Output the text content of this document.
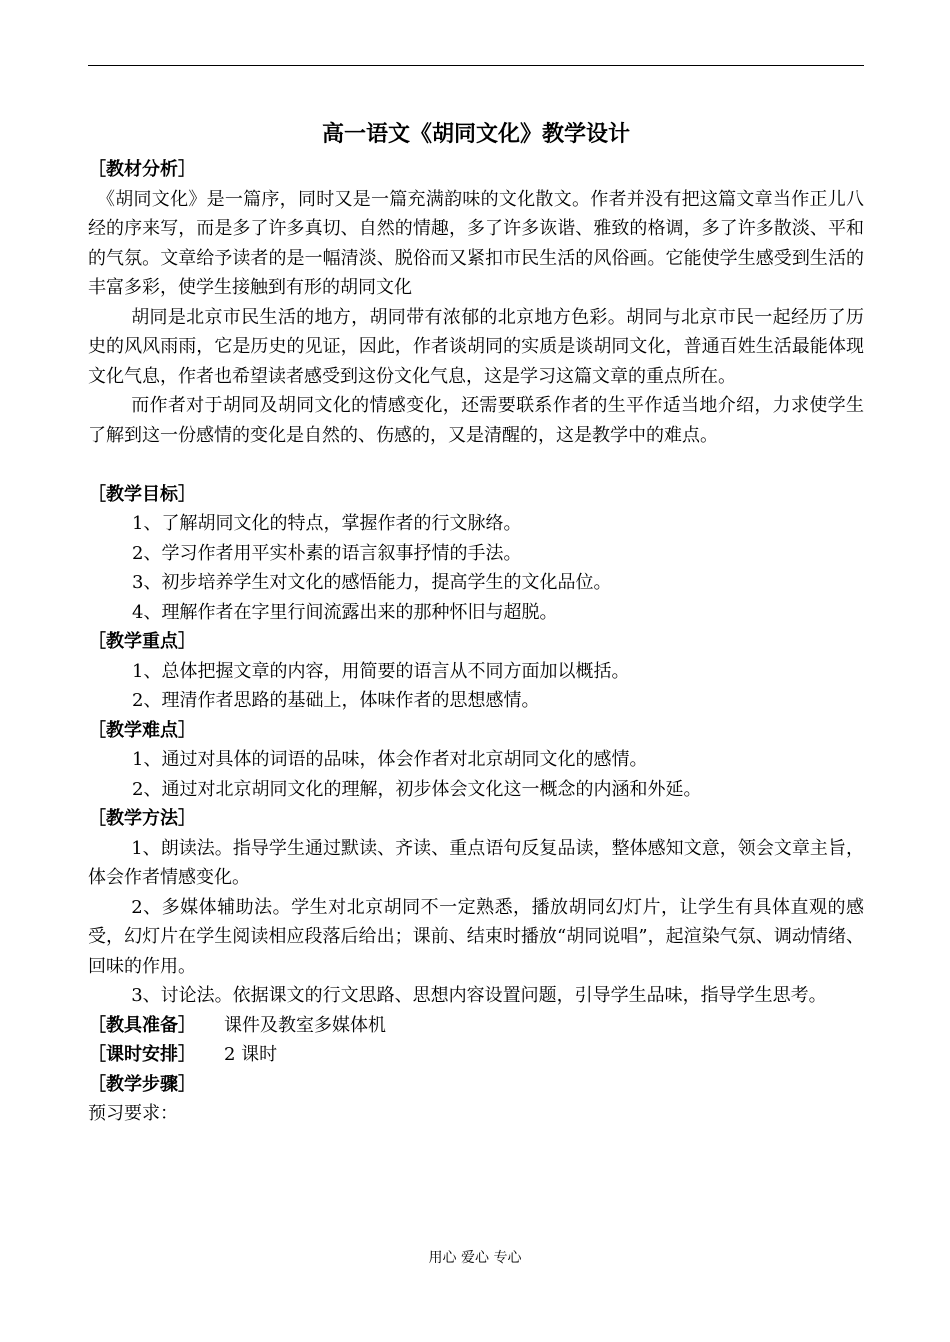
高一语文《胡同文化》教学设计
［教材分析］

《胡同文化》是一篇序，同时又是一篇充满韵味的文化散文。作者并没有把这篇文章当作正儿八经的序来写，而是多了许多真切、自然的情趣，多了许多诙谐、雅致的格调，多了许多散淡、平和的气氛。文章给予读者的是一幅清淡、脱俗而又紧扣市民生活的风俗画。它能使学生感受到生活的丰富多彩，使学生接触到有形的胡同文化

胡同是北京市民生活的地方，胡同带有浓郁的北京地方色彩。胡同与北京市民一起经历了历史的风风雨雨，它是历史的见证，因此，作者谈胡同的实质是谈胡同文化，普通百姓生活最能体现文化气息，作者也希望读者感受到这份文化气息，这是学习这篇文章的重点所在。

而作者对于胡同及胡同文化的情感变化，还需要联系作者的生平作适当地介绍，力求使学生了解到这一份感情的变化是自然的、伤感的，又是清醒的，这是教学中的难点。

［教学目标］
1、了解胡同文化的特点，掌握作者的行文脉络。
2、学习作者用平实朴素的语言叙事抒情的手法。
3、初步培养学生对文化的感悟能力，提高学生的文化品位。
4、理解作者在字里行间流露出来的那种怀旧与超脱。
［教学重点］
1、总体把握文章的内容，用简要的语言从不同方面加以概括。
2、理清作者思路的基础上，体味作者的思想感情。
［教学难点］
1、通过对具体的词语的品味，体会作者对北京胡同文化的感情。
2、通过对北京胡同文化的理解，初步体会文化这一概念的内涵和外延。
［教学方法］

1、朗读法。指导学生通过默读、齐读、重点语句反复品读，整体感知文意，领会文章主旨，体会作者情感变化。

2、多媒体辅助法。学生对北京胡同不一定熟悉，播放胡同幻灯片，让学生有具体直观的感受，幻灯片在学生阅读相应段落后给出；课前、结束时播放“胡同说唱”，起渲染气氛、调动情绪、回味的作用。

3、讨论法。依据课文的行文思路、思想内容设置问题，引导学生品味，指导学生思考。

［教具准备］	课件及教室多媒体机
［课时安排］	2 课时
［教学步骤］
预习要求：
用心 爱心 专心
